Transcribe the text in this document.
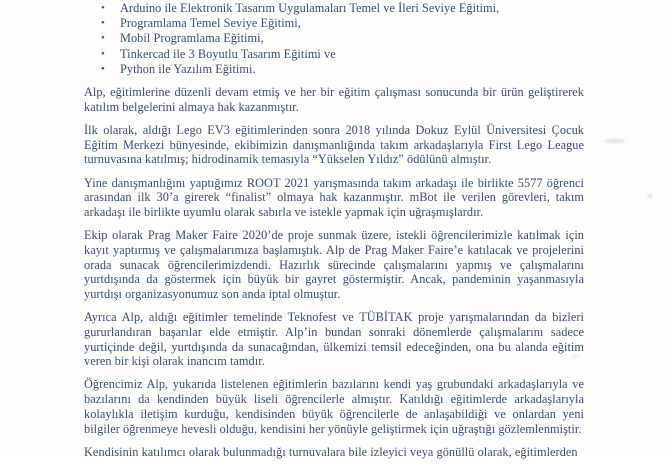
• Arduino ile Elektronik Tasarım Uygulamaları Temel ve İleri Seviye Eğitimi,
• Programlama Temel Seviye Eğitimi,
• Mobil Programlama Eğitimi,
• Tinkercad ile 3 Boyutlu Tasarım Eğitimi ve
• Python ile Yazılım Eğitimi.

Alp, eğitimlerine düzenli devam etmiş ve her bir eğitim çalışması sonucunda bir ürün geliştirerek katılım belgelerini almaya hak kazanmıştır.

İlk olarak, aldığı Lego EV3 eğitimlerinden sonra 2018 yılında Dokuz Eylül Üniversitesi Çocuk Eğitim Merkezi bünyesinde, ekibimizin danışmanlığında takım arkadaşlarıyla First Lego League turnuvasına katılmış; hidrodinamik temasıyla “Yükselen Yıldız” ödülünü almıştır.

Yine danışmanlığını yaptığımız ROOT 2021 yarışmasında takım arkadaşı ile birlikte 5577 öğrenci arasından ilk 30’a girerek “finalist” olmaya hak kazanmıştır. mBot ile verilen görevleri, takım arkadaşı ile birlikte uyumlu olarak sabırla ve istekle yapmak için uğraşmışlardır.

Ekip olarak Prag Maker Faire 2020’de proje sunmak üzere, istekli öğrencilerimizle katılmak için kayıt yaptırmış ve çalışmalarımıza başlamıştık. Alp de Prag Maker Faire’e katılacak ve projelerini orada sunacak öğrencilerimizdendi. Hazırlık sürecinde çalışmalarını yapmış ve çalışmalarını yurtdışında da göstermek için büyük bir gayret göstermiştir. Ancak, pandeminin yaşanmasıyla yurtdışı organizasyonumuz son anda iptal olmuştur.

Ayrıca Alp, aldığı eğitimler temelinde Teknofest ve TÜBİTAK proje yarışmalarından da bizleri gururlandıran başarılar elde etmiştir. Alp’in bundan sonraki dönemlerde çalışmalarını sadece yurtiçinde değil, yurtdışında da sunacağından, ülkemizi temsil edeceğinden, ona bu alanda eğitim veren bir kişi olarak inancım tamdır.

Öğrencimiz Alp, yukarıda listelenen eğitimlerin bazılarını kendi yaş grubundaki arkadaşlarıyla ve bazılarını da kendinden büyük liseli öğrencilerle almıştır. Katıldığı eğitimlerde arkadaşlarıyla kolaylıkla iletişim kurduğu, kendisinden büyük öğrencilerle de anlaşabildiği ve onlardan yeni bilgiler öğrenmeye hevesli olduğu, kendisini her yönüyle geliştirmek için uğraştığı gözlemlenmiştir.

Kendisinin katılımcı olarak bulunmadığı turnuvalara bile izleyici veya gönüllü olarak, eğitimlerden
